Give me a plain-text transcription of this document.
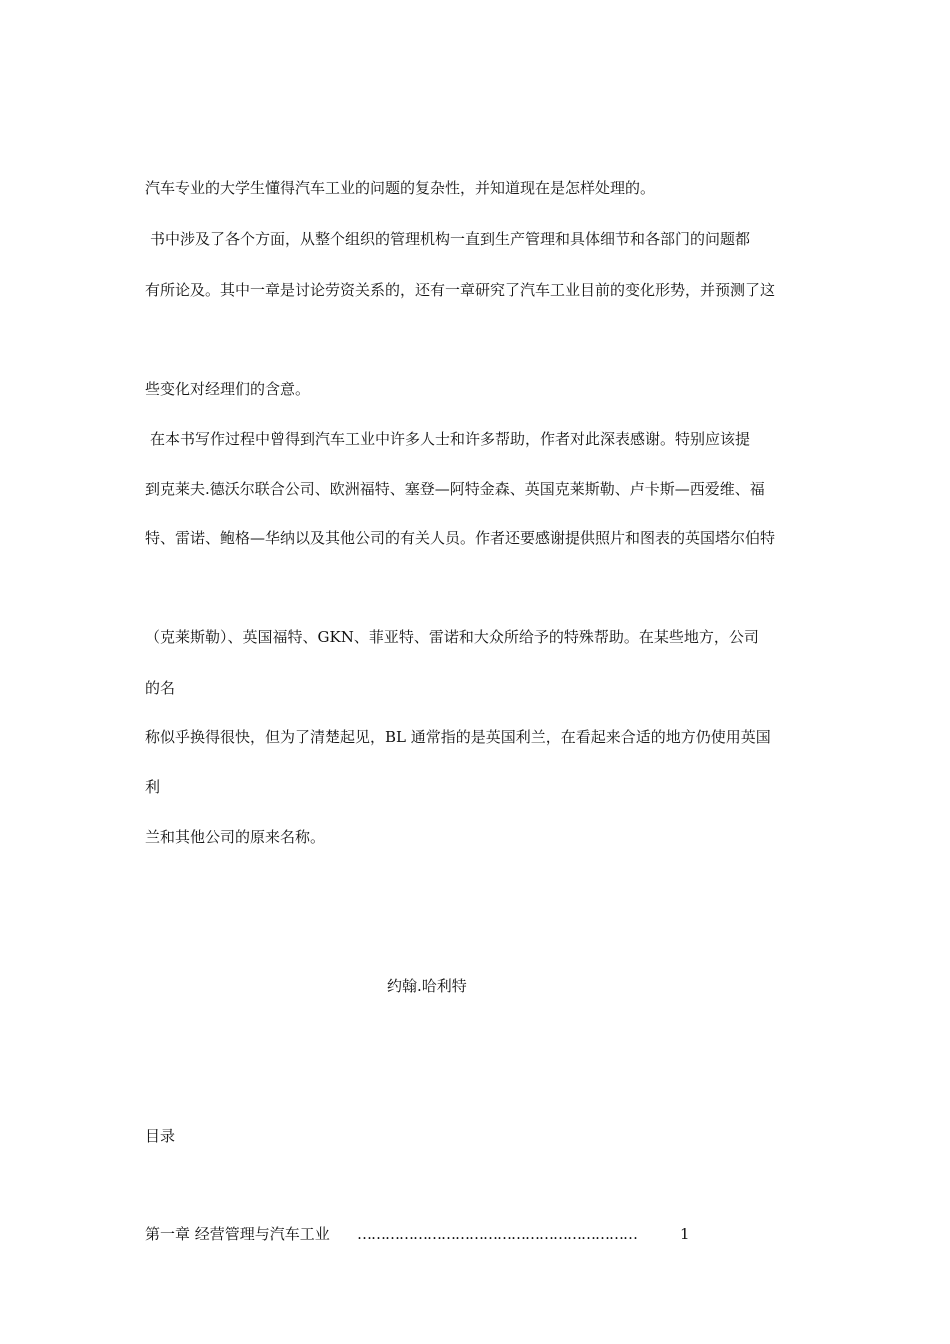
汽车专业的大学生懂得汽车工业的问题的复杂性，并知道现在是怎样处理的。
书中涉及了各个方面，从整个组织的管理机构一直到生产管理和具体细节和各部门的问题都
有所论及。其中一章是讨论劳资关系的，还有一章研究了汽车工业目前的变化形势，并预测了这
些变化对经理们的含意。
在本书写作过程中曾得到汽车工业中许多人士和许多帮助，作者对此深表感谢。特别应该提
到克莱夫.德沃尔联合公司、欧洲福特、塞登—阿特金森、英国克莱斯勒、卢卡斯—西爱维、福
特、雷诺、鲍格—华纳以及其他公司的有关人员。作者还要感谢提供照片和图表的英国塔尔伯特
（克莱斯勒）、英国福特、GKN、菲亚特、雷诺和大众所给予的特殊帮助。在某些地方，公司
的名
称似乎换得很快，但为了清楚起见，BL 通常指的是英国利兰，在看起来合适的地方仍使用英国
利
兰和其他公司的原来名称。
约翰.哈利特
目录
第一章 经营管理与汽车工业 ……………………………………………………	1
